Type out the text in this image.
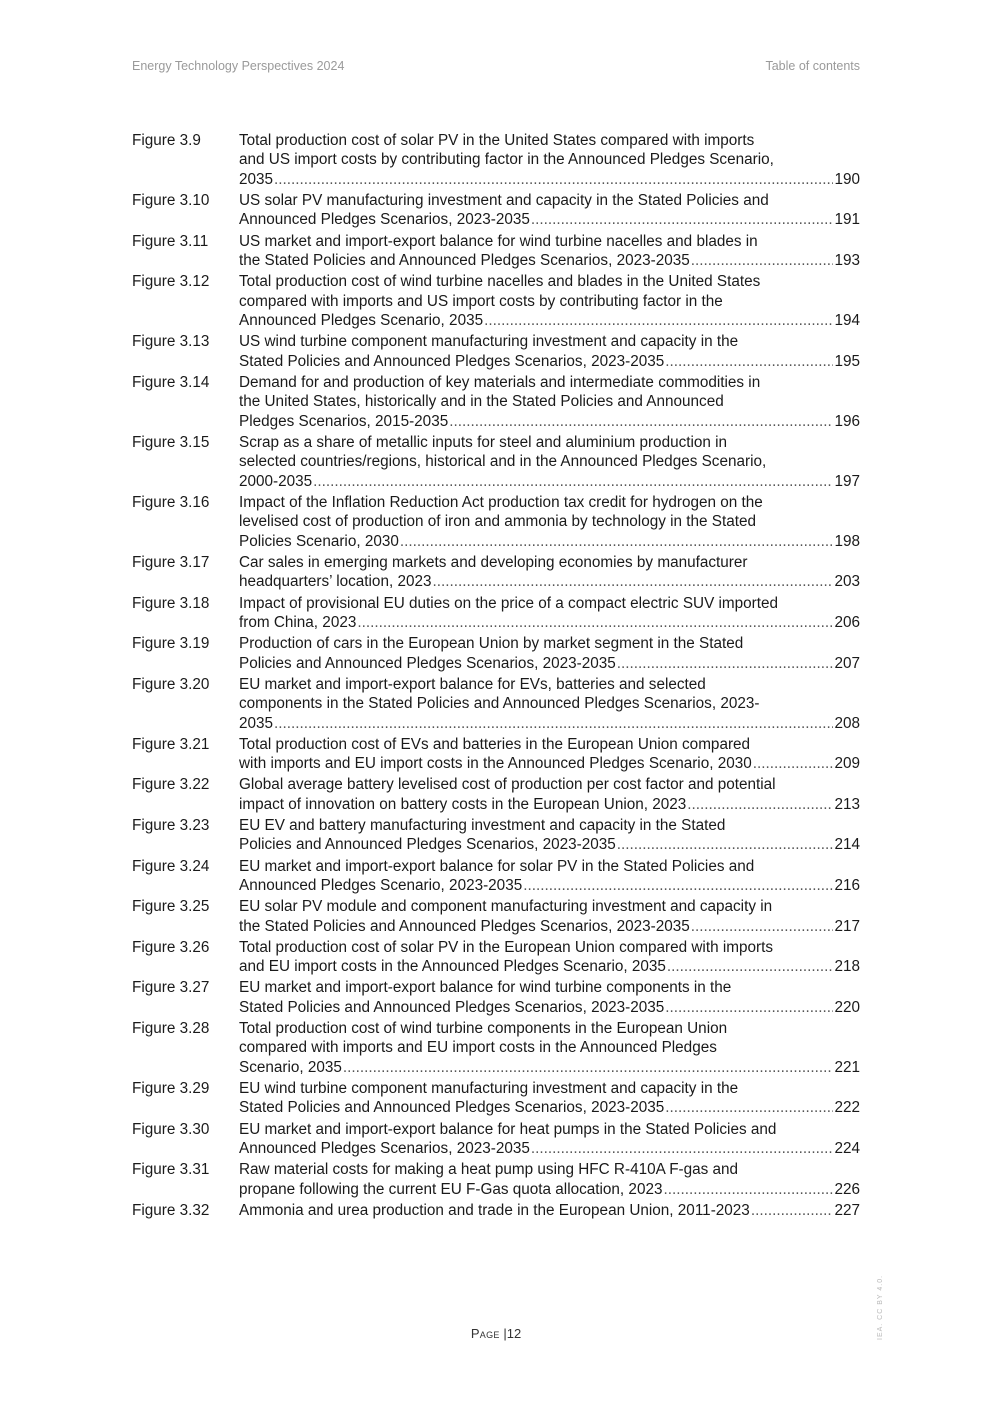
Energy Technology Perspectives 2024	Table of contents
Figure 3.9	Total production cost of solar PV in the United States compared with imports
and US import costs by contributing factor in the Announced Pledges Scenario,
2035 .....	190
Figure 3.10	US solar PV manufacturing investment and capacity in the Stated Policies and
Announced Pledges Scenarios, 2023-2035 .....	191
Figure 3.11	US market and import-export balance for wind turbine nacelles and blades in
the Stated Policies and Announced Pledges Scenarios, 2023-2035 .....	193
Figure 3.12	Total production cost of wind turbine nacelles and blades in the United States
compared with imports and US import costs by contributing factor in the
Announced Pledges Scenario, 2035 .....	194
Figure 3.13	US wind turbine component manufacturing investment and capacity in the
Stated Policies and Announced Pledges Scenarios, 2023-2035 .....	195
Figure 3.14	Demand for and production of key materials and intermediate commodities in
the United States, historically and in the Stated Policies and Announced
Pledges Scenarios, 2015-2035 .....	196
Figure 3.15	Scrap as a share of metallic inputs for steel and aluminium production in
selected countries/regions, historical and in the Announced Pledges Scenario,
2000-2035 .....	197
Figure 3.16	Impact of the Inflation Reduction Act production tax credit for hydrogen on the
levelised cost of production of iron and ammonia by technology in the Stated
Policies Scenario, 2030 .....	198
Figure 3.17	Car sales in emerging markets and developing economies by manufacturer
headquarters’ location, 2023 .....	203
Figure 3.18	Impact of provisional EU duties on the price of a compact electric SUV imported
from China, 2023 .....	206
Figure 3.19	Production of cars in the European Union by market segment in the Stated
Policies and Announced Pledges Scenarios, 2023-2035 .....	207
Figure 3.20	EU market and import-export balance for EVs, batteries and selected
components in the Stated Policies and Announced Pledges Scenarios, 2023-
2035 .....	208
Figure 3.21	Total production cost of EVs and batteries in the European Union compared
with imports and EU import costs in the Announced Pledges Scenario, 2030 .....	209
Figure 3.22	Global average battery levelised cost of production per cost factor and potential
impact of innovation on battery costs in the European Union, 2023 .....	213
Figure 3.23	EU EV and battery manufacturing investment and capacity in the Stated
Policies and Announced Pledges Scenarios, 2023-2035 .....	214
Figure 3.24	EU market and import-export balance for solar PV in the Stated Policies and
Announced Pledges Scenario, 2023-2035 .....	216
Figure 3.25	EU solar PV module and component manufacturing investment and capacity in
the Stated Policies and Announced Pledges Scenarios, 2023-2035 .....	217
Figure 3.26	Total production cost of solar PV in the European Union compared with imports
and EU import costs in the Announced Pledges Scenario, 2035 .....	218
Figure 3.27	EU market and import-export balance for wind turbine components in the
Stated Policies and Announced Pledges Scenarios, 2023-2035 .....	220
Figure 3.28	Total production cost of wind turbine components in the European Union
compared with imports and EU import costs in the Announced Pledges
Scenario, 2035 .....	221
Figure 3.29	EU wind turbine component manufacturing investment and capacity in the
Stated Policies and Announced Pledges Scenarios, 2023-2035 .....	222
Figure 3.30	EU market and import-export balance for heat pumps in the Stated Policies and
Announced Pledges Scenarios, 2023-2035 .....	224
Figure 3.31	Raw material costs for making a heat pump using HFC R-410A F-gas and
propane following the current EU F-Gas quota allocation, 2023 .....	226
Figure 3.32	Ammonia and urea production and trade in the European Union, 2011-2023 .....	227
Page |12	IEA. CC BY 4.0.
